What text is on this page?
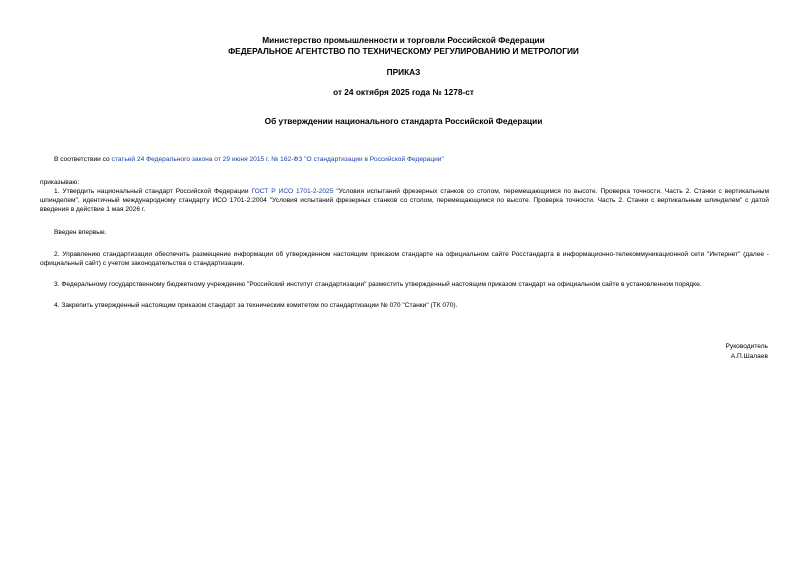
Министерство промышленности и торговли Российской Федерации
ФЕДЕРАЛЬНОЕ АГЕНТСТВО ПО ТЕХНИЧЕСКОМУ РЕГУЛИРОВАНИЮ И МЕТРОЛОГИИ
ПРИКАЗ
от 24 октября 2025 года № 1278-ст
Об утверждении национального стандарта Российской Федерации
В соответствии со статьей 24 Федерального закона от 29 июня 2015 г. № 162-ФЗ "О стандартизации в Российской Федерации"
приказываю:
1. Утвердить национальный стандарт Российской Федерации ГОСТ Р ИСО 1701-2-2025 "Условия испытаний фрезерных станков со столом, перемещающимся по высоте. Проверка точности. Часть 2. Станки с вертикальным шпинделем", идентичный международному стандарту ИСО 1701-2:2004 "Условия испытаний фрезерных станков со столом, перемещающимся по высоте. Проверка точности. Часть 2. Станки с вертикальным шпинделем" с датой введения в действие 1 мая 2026 г.
Введен впервые.
2. Управлению стандартизации обеспечить размещение информации об утвержденном настоящим приказом стандарте на официальном сайте Росстандарта в информационно-телекоммуникационной сети "Интернет" (далее - официальный сайт) с учетом законодательства о стандартизации.
3. Федеральному государственному бюджетному учреждению "Российский институт стандартизации" разместить утвержденный настоящим приказом стандарт на официальном сайте в установленном порядке.
4. Закрепить утвержденный настоящим приказом стандарт за техническим комитетом по стандартизации № 070 "Станки" (ТК 070).
Руководитель
А.П.Шалаев
